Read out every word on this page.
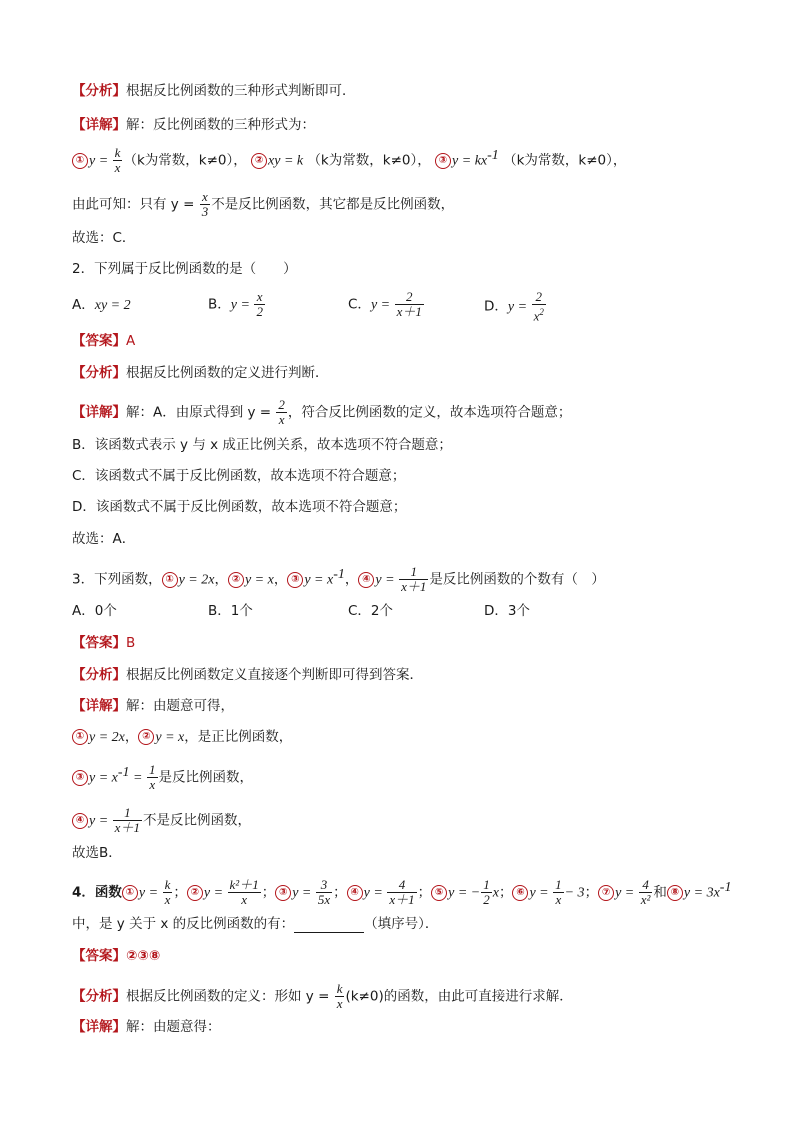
【分析】根据反比例函数的三种形式判断即可．
【详解】解：反比例函数的三种形式为：
① $y = \frac{k}{x} (k$为常数，k≠0）， ② xy = k （k为常数，k≠0）， ③ $y = kx^{-1}$ （k为常数，k≠0），
由此可知：只有 $y = \frac{x}{3}$ 不是反比例函数，其它都是反比例函数，
故选：C．
2．下列属于反比例函数的是（　　）
A．xy = 2	B．$y = \frac{x}{2}$	C．$y = \frac{2}{x+1}$	D．$y = \frac{2}{x^2}$
【答案】A
【分析】根据反比例函数的定义进行判断．
【详解】解：A．由原式得到 $y = \frac{2}{x}$ ，符合反比例函数的定义，故本选项符合题意；
B．该函数式表示 y 与 x 成正比例关系，故本选项不符合题意；
C．该函数式不属于反比例函数，故本选项不符合题意；
D．该函数式不属于反比例函数，故本选项不符合题意；
故选：A．
3．下列函数， ① y = 2x， ② y = x， ③ $y = x^{-1}$， ④ $y = \frac{1}{x+1}$ 是反比例函数的个数有（　）
A．0个	B．1个	C．2个	D．3个
【答案】B
【分析】根据反比例函数定义直接逐个判断即可得到答案．
【详解】解：由题意可得，
① y = 2x， ② y = x，是正比例函数，
③ $y = x^{-1} = \frac{1}{x}$ 是反比例函数，
④ $y = \frac{1}{x+1}$ 不是反比例函数，
故选B．
4．函数 ① $y = \frac{k}{x}$ ； ② $y = \frac{\text{k²＋1}}{x}$ ； ③ $y = \frac{3}{5x}$ ； ④ $y = \frac{4}{x+1}$ ； ⑤ y = − $\frac{1}{2}$ x； ⑥ $y = \frac{1}{x} - 3$； ⑦ $y = \frac{4}{\text{x²}}$ 和 ⑧ $y = 3x^{-1}$
中，是 y 关于 x 的反比例函数的有：	（填序号）．
【答案】②③⑧
【分析】根据反比例函数的定义：形如 $y = \frac{k}{x} (k\ne 0)$的函数，由此可直接进行求解．
【详解】解：由题意得：
